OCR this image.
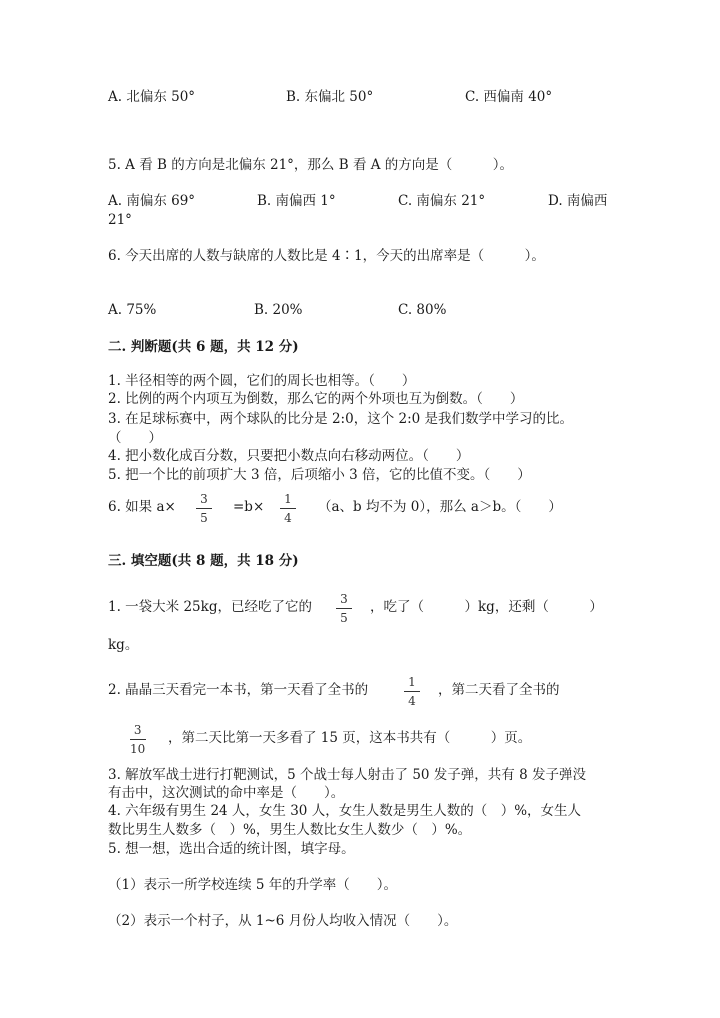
A. 北偏东 50°	B. 东偏北 50°	C. 西偏南 40°
5. A 看 B 的方向是北偏东 21°，那么 B 看 A 的方向是（　　　）。
A. 南偏东 69°	B. 南偏西 1°	C. 南偏东 21°	D. 南偏西
21°
6. 今天出席的人数与缺席的人数比是 4∶1，今天的出席率是（　　　）。
A. 75%	B. 20%	C. 80%
二. 判断题(共 6 题，共 12 分)
1. 半径相等的两个圆，它们的周长也相等。（　　）
2. 比例的两个内项互为倒数，那么它的两个外项也互为倒数。（　　）
3. 在足球标赛中，两个球队的比分是 2:0，这个 2:0 是我们数学中学习的比。
（　　）
4. 把小数化成百分数，只要把小数点向右移动两位。（　　）
5. 把一个比的前项扩大 3 倍，后项缩小 3 倍，它的比值不变。（　　）
6. 如果 a× 3
5
=b× 1
4
（a、b 均不为 0），那么 a＞b。（　　）
三. 填空题(共 8 题，共 18 分)
1. 一袋大米 25kg，已经吃了它的 3
5
，吃了（　　　）kg，还剩（　　　）
kg。
2. 晶晶三天看完一本书，第一天看了全书的	1
4
，第二天看了全书的
3
10
，第二天比第一天多看了 15 页，这本书共有（　　　）页。
3. 解放军战士进行打靶测试，5 个战士每人射击了 50 发子弹，共有 8 发子弹没
有击中，这次测试的命中率是（　　）。
4. 六年级有男生 24 人，女生 30 人，女生人数是男生人数的（　）%，女生人
数比男生人数多（　）%，男生人数比女生人数少（　）%。
5. 想一想，选出合适的统计图，填字母。
（1）表示一所学校连续 5 年的升学率（　　）。
（2）表示一个村子，从 1~6 月份人均收入情况（　　）。
